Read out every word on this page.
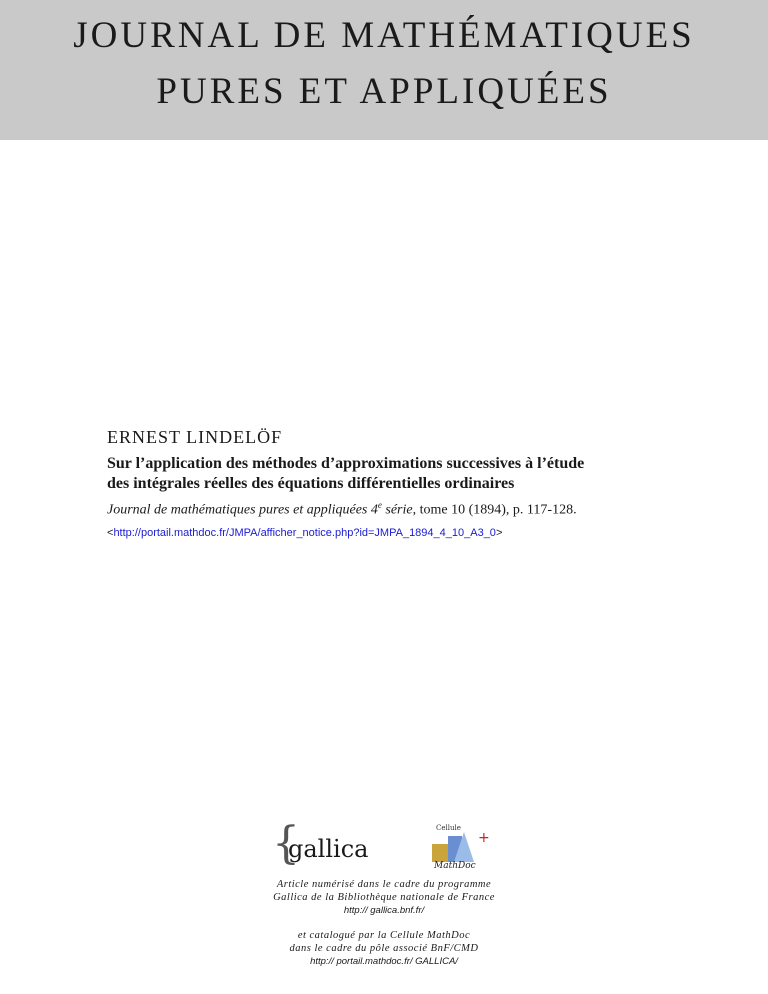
JOURNAL DE MATHÉMATIQUES
PURES ET APPLIQUÉES
ERNEST LINDELÖF
Sur l’application des méthodes d’approximations successives à l’étude
des intégrales réelles des équations différentielles ordinaires
Journal de mathématiques pures et appliquées 4e série, tome 10 (1894), p. 117-128.
<http://portail.mathdoc.fr/JMPA/afficher_notice.php?id=JMPA_1894_4_10_A3_0>
{
gallica	+
Cellule
MathDoc
Article numérisé dans le cadre du programme
Gallica de la Bibliothèque nationale de France
http:// gallica.bnf.fr/
et catalogué par la Cellule MathDoc
dans le cadre du pôle associé BnF/CMD
http:// portail.mathdoc.fr/ GALLICA/
